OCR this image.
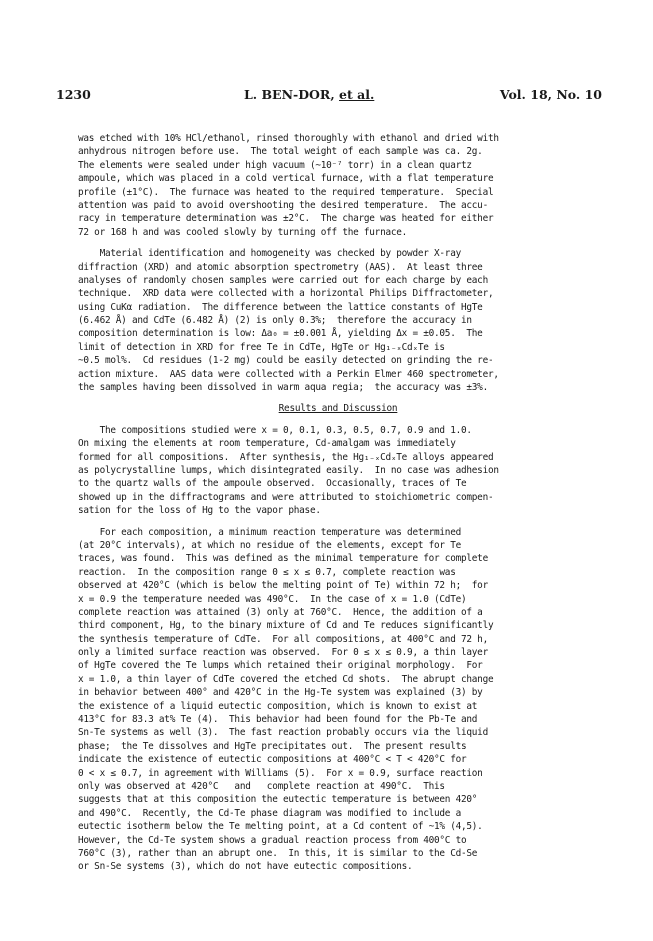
1230	L. BEN-DOR, et al.	Vol. 18, No. 10
was etched with 10% HCl/ethanol, rinsed thoroughly with ethanol and dried with
anhydrous nitrogen before use.  The total weight of each sample was ca. 2g.
The elements were sealed under high vacuum (~10⁻⁷ torr) in a clean quartz
ampoule, which was placed in a cold vertical furnace, with a flat temperature
profile (±1°C).  The furnace was heated to the required temperature.  Special
attention was paid to avoid overshooting the desired temperature.  The accu-
racy in temperature determination was ±2°C.  The charge was heated for either
72 or 168 h and was cooled slowly by turning off the furnace.
Material identification and homogeneity was checked by powder X-ray
diffraction (XRD) and atomic absorption spectrometry (AAS).  At least three
analyses of randomly chosen samples were carried out for each charge by each
technique.  XRD data were collected with a horizontal Philips Diffractometer,
using CuKα radiation.  The difference between the lattice constants of HgTe
(6.462 Å) and CdTe (6.482 Å) (2) is only 0.3%;  therefore the accuracy in
composition determination is low: Δa₀ = ±0.001 Å, yielding Δx = ±0.05.  The
limit of detection in XRD for free Te in CdTe, HgTe or Hg₁₋ₓCdₓTe is
~0.5 mol%.  Cd residues (1-2 mg) could be easily detected on grinding the re-
action mixture.  AAS data were collected with a Perkin Elmer 460 spectrometer,
the samples having been dissolved in warm aqua regia;  the accuracy was ±3%.
Results and Discussion
The compositions studied were x = 0, 0.1, 0.3, 0.5, 0.7, 0.9 and 1.0.
On mixing the elements at room temperature, Cd-amalgam was immediately
formed for all compositions.  After synthesis, the Hg₁₋ₓCdₓTe alloys appeared
as polycrystalline lumps, which disintegrated easily.  In no case was adhesion
to the quartz walls of the ampoule observed.  Occasionally, traces of Te
showed up in the diffractograms and were attributed to stoichiometric compen-
sation for the loss of Hg to the vapor phase.
For each composition, a minimum reaction temperature was determined
(at 20°C intervals), at which no residue of the elements, except for Te
traces, was found.  This was defined as the minimal temperature for complete
reaction.  In the composition range 0 ≤ x ≤ 0.7, complete reaction was
observed at 420°C (which is below the melting point of Te) within 72 h;  for
x = 0.9 the temperature needed was 490°C.  In the case of x = 1.0 (CdTe)
complete reaction was attained (3) only at 760°C.  Hence, the addition of a
third component, Hg, to the binary mixture of Cd and Te reduces significantly
the synthesis temperature of CdTe.  For all compositions, at 400°C and 72 h,
only a limited surface reaction was observed.  For 0 ≤ x ≤ 0.9, a thin layer
of HgTe covered the Te lumps which retained their original morphology.  For
x = 1.0, a thin layer of CdTe covered the etched Cd shots.  The abrupt change
in behavior between 400° and 420°C in the Hg-Te system was explained (3) by
the existence of a liquid eutectic composition, which is known to exist at
413°C for 83.3 at% Te (4).  This behavior had been found for the Pb-Te and
Sn-Te systems as well (3).  The fast reaction probably occurs via the liquid
phase;  the Te dissolves and HgTe precipitates out.  The present results
indicate the existence of eutectic compositions at 400°C < T < 420°C for
0 < x ≤ 0.7, in agreement with Williams (5).  For x = 0.9, surface reaction
only was observed at 420°C   and   complete reaction at 490°C.  This
suggests that at this composition the eutectic temperature is between 420°
and 490°C.  Recently, the Cd-Te phase diagram was modified to include a
eutectic isotherm below the Te melting point, at a Cd content of ~1% (4,5).
However, the Cd-Te system shows a gradual reaction process from 400°C to
760°C (3), rather than an abrupt one.  In this, it is similar to the Cd-Se
or Sn-Se systems (3), which do not have eutectic compositions.
